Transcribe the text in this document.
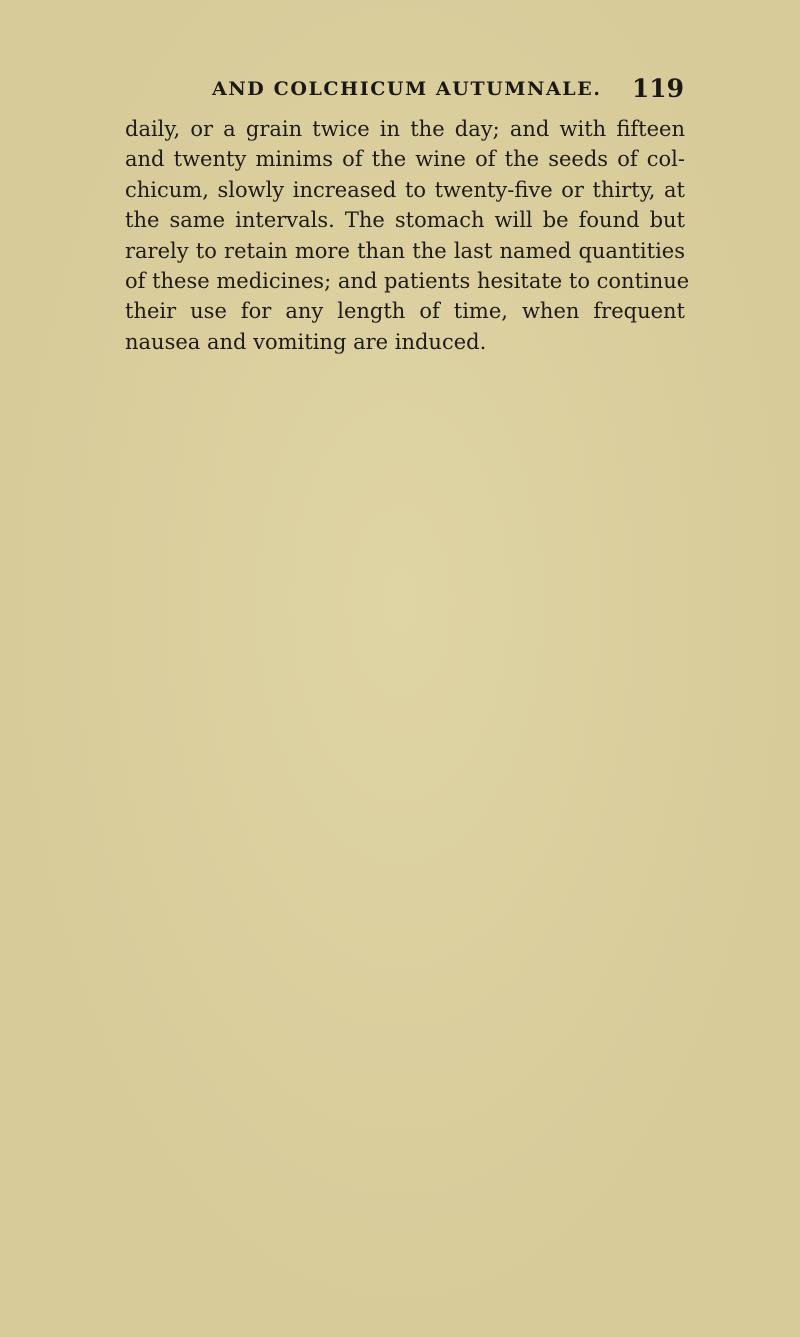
AND COLCHICUM AUTUMNALE. 119
daily, or a grain twice in the day; and with fifteen
and twenty minims of the wine of the seeds of col-
chicum, slowly increased to twenty-five or thirty, at
the same intervals. The stomach will be found but
rarely to retain more than the last named quantities
of these medicines; and patients hesitate to continue
their use for any length of time, when frequent
nausea and vomiting are induced.
